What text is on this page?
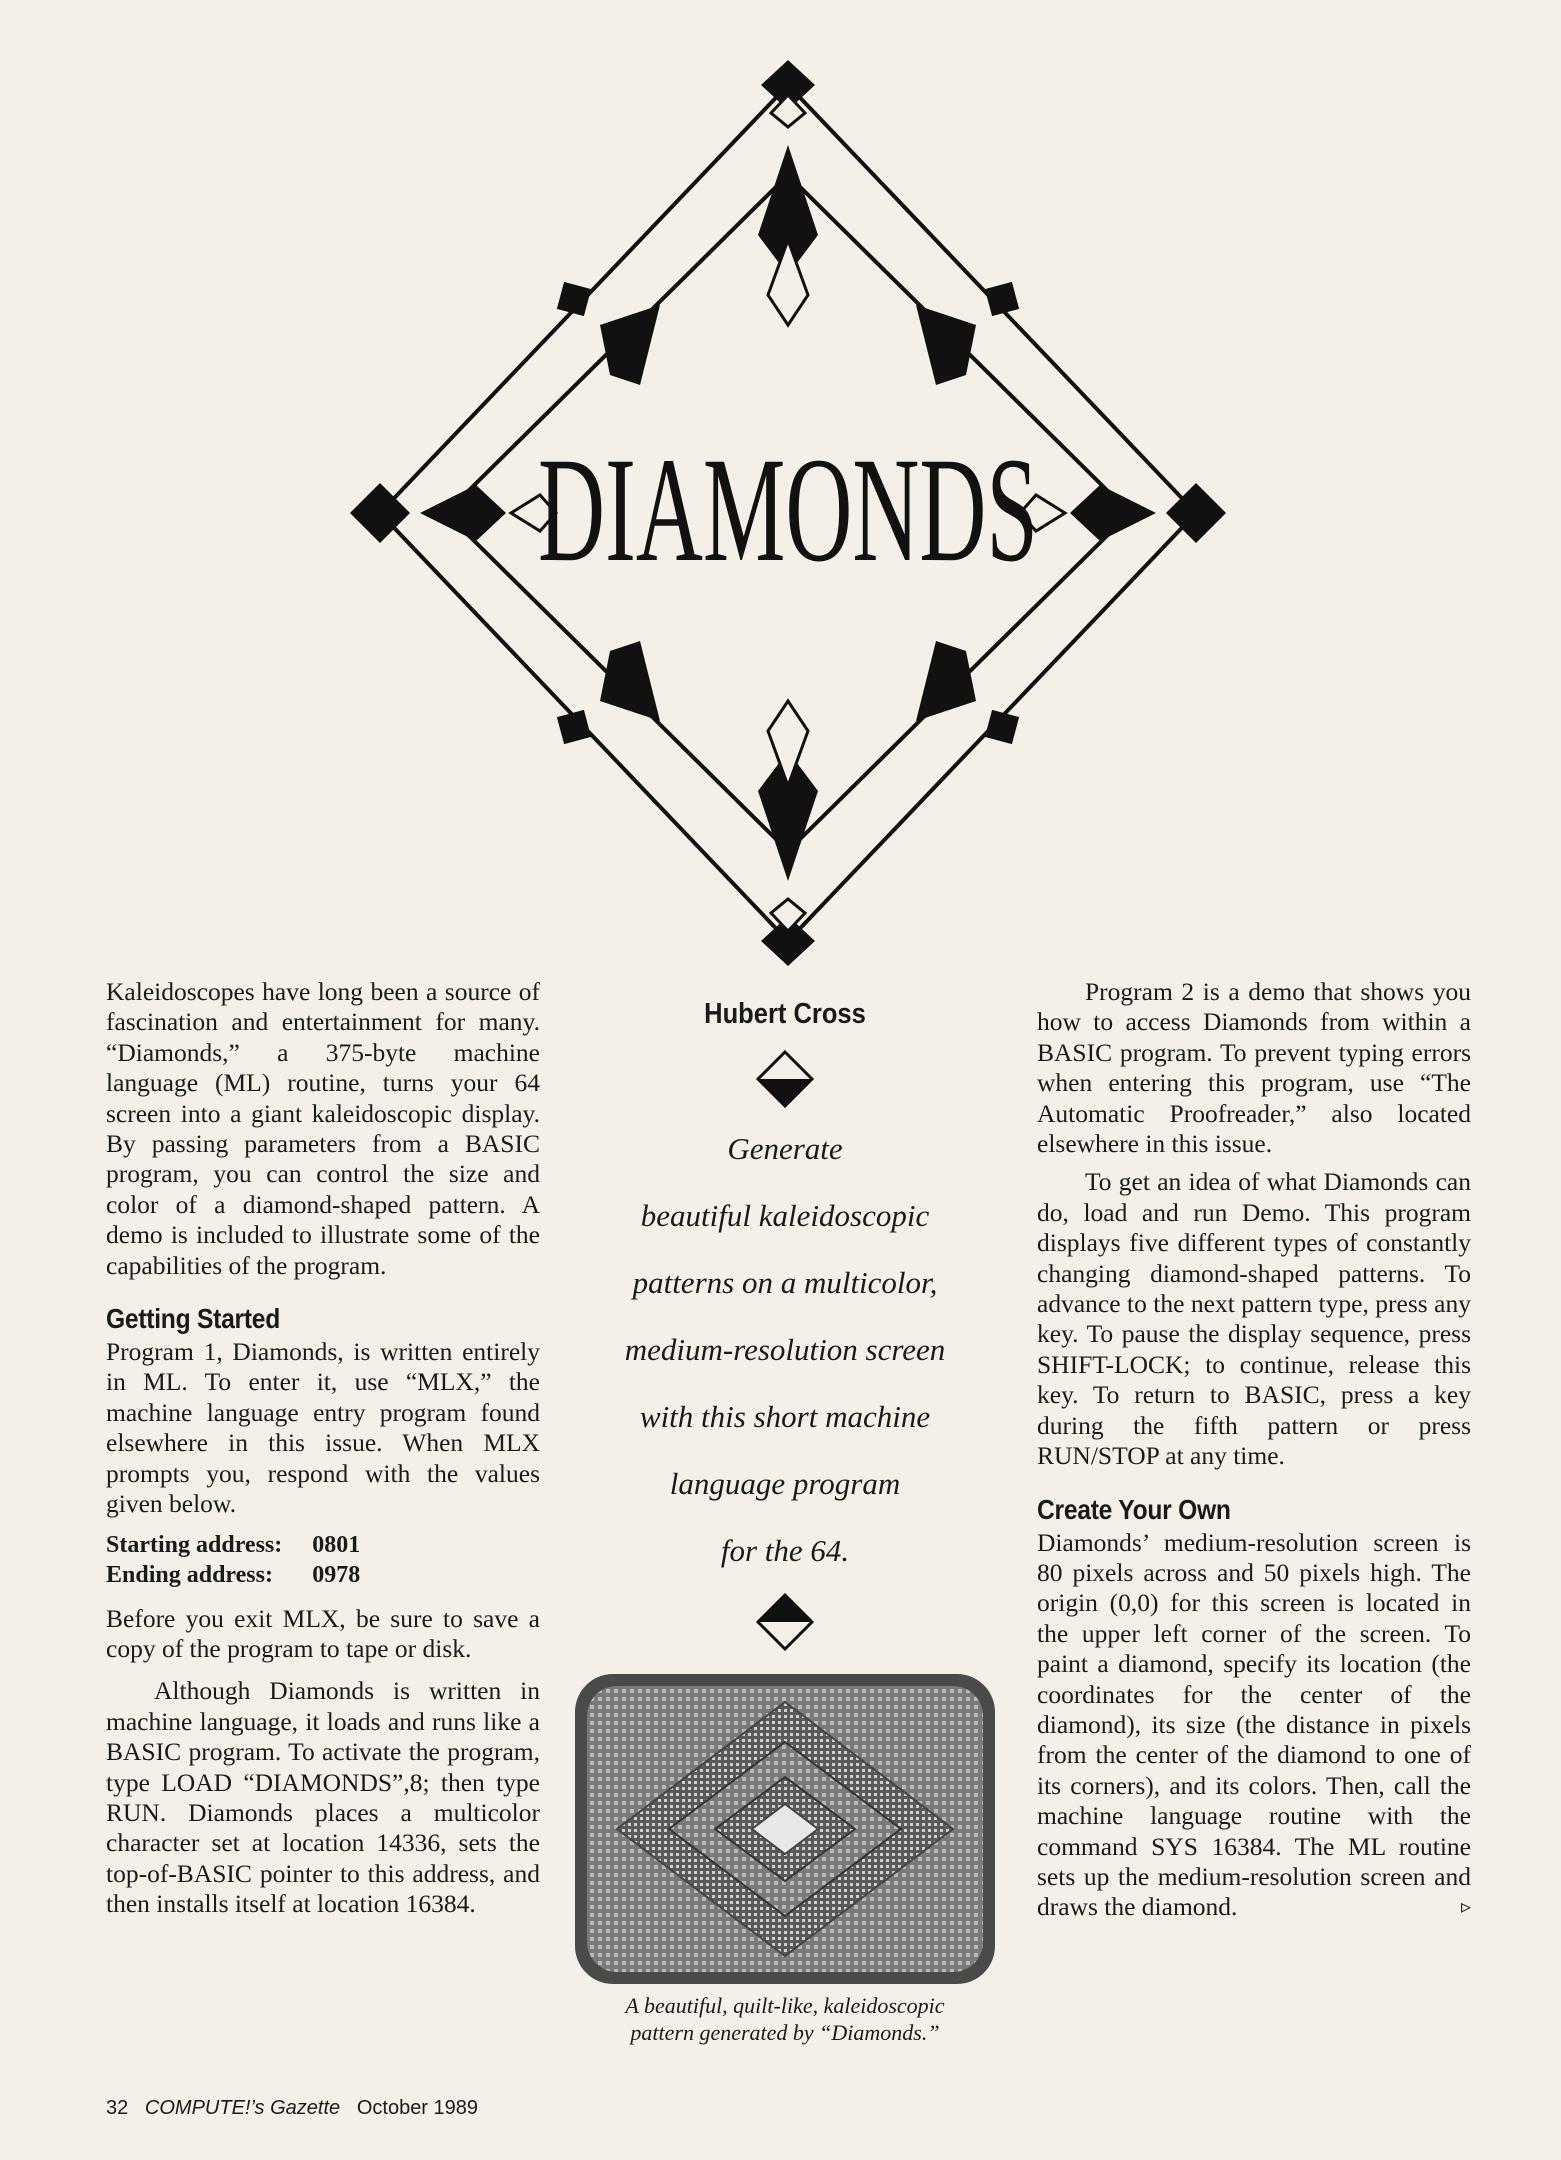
DIAMONDS

Kaleidoscopes have long been a source of fascination and entertainment for many. “Diamonds,” a 375-byte machine language (ML) routine, turns your 64 screen into a giant kaleidoscopic display. By passing parameters from a BASIC program, you can control the size and color of a diamond-shaped pattern. A demo is included to illustrate some of the capabilities of the program.

Getting Started

Program 1, Diamonds, is written entirely in ML. To enter it, use “MLX,” the machine language entry program found elsewhere in this issue. When MLX prompts you, respond with the values given below.

Starting address:	0801
Ending address:	0978

Before you exit MLX, be sure to save a copy of the program to tape or disk.

Although Diamonds is written in machine language, it loads and runs like a BASIC program. To activate the program, type LOAD “DIAMONDS”,8; then type RUN. Diamonds places a multicolor character set at location 14336, sets the top-of-BASIC pointer to this address, and then installs itself at location 16384.

Hubert Cross

Generate

beautiful kaleidoscopic

patterns on a multicolor,

medium-resolution screen

with this short machine

language program

for the 64.

A beautiful, quilt-like, kaleidoscopic
pattern generated by “Diamonds.”

Program 2 is a demo that shows you how to access Diamonds from within a BASIC program. To prevent typing errors when entering this program, use “The Automatic Proofreader,” also located elsewhere in this issue.

To get an idea of what Diamonds can do, load and run Demo. This program displays five different types of constantly changing diamond-shaped patterns. To advance to the next pattern type, press any key. To pause the display sequence, press SHIFT-LOCK; to continue, release this key. To return to BASIC, press a key during the fifth pattern or press RUN/STOP at any time.

Create Your Own

Diamonds’ medium-resolution screen is 80 pixels across and 50 pixels high. The origin (0,0) for this screen is located in the upper left corner of the screen. To paint a diamond, specify its location (the coordinates for the center of the diamond), its size (the distance in pixels from the center of the diamond to one of its corners), and its colors. Then, call the machine language routine with the command SYS 16384. The ML routine sets up the medium-resolution screen and draws the diamond.	▹

32 COMPUTE!’s Gazette October 1989
